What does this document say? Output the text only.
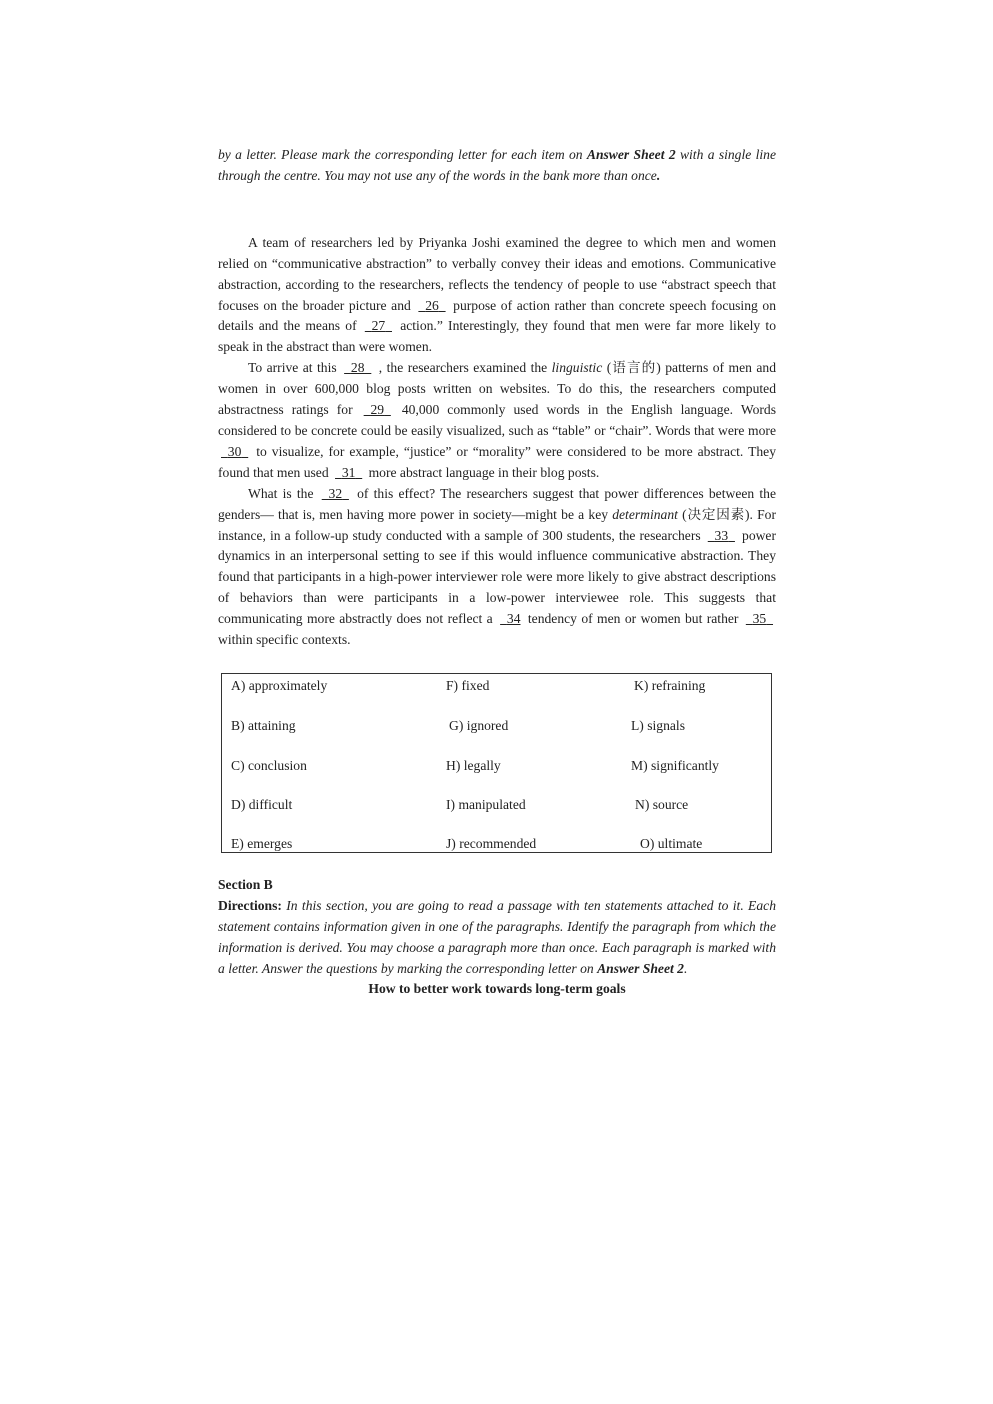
by a letter. Please mark the corresponding letter for each item on Answer Sheet 2 with a single line through the centre. You may not use any of the words in the bank more than once.

A team of researchers led by Priyanka Joshi examined the degree to which men and women relied on “communicative abstraction” to verbally convey their ideas and emotions. Communicative abstraction, according to the researchers, reflects the tendency of people to use “abstract speech that focuses on the broader picture and   26   purpose of action rather than concrete speech focusing on details and the means of   27   action.” Interestingly, they found that men were far more likely to speak in the abstract than were women.

To arrive at this   28   , the researchers examined the linguistic (语言的) patterns of men and women in over 600,000 blog posts written on websites. To do this, the researchers computed abstractness ratings for   29   40,000 commonly used words in the English language. Words considered to be concrete could be easily visualized, such as “table” or “chair”. Words that were more   30   to visualize, for example, “justice” or “morality” were considered to be more abstract. They found that men used   31   more abstract language in their blog posts.

What is the   32   of this effect? The researchers suggest that power differences between the genders— that is, men having more power in society—might be a key determinant (决定因素). For instance, in a follow-up study conducted with a sample of 300 students, the researchers   33   power dynamics in an interpersonal setting to see if this would influence communicative abstraction. They found that participants in a high-power interviewer role were more likely to give abstract descriptions of behaviors than were participants in a low-power interviewee role. This suggests that communicating more abstractly does not reflect a   34 tendency of men or women but rather   35   within specific contexts.

A) approximately	F) fixed	K) refraining
B) attaining	G) ignored	L) signals
C) conclusion	H) legally	M) significantly
D) difficult	I) manipulated	N) source
E) emerges	J) recommended	O) ultimate

Section B

Directions: In this section, you are going to read a passage with ten statements attached to it. Each statement contains information given in one of the paragraphs. Identify the paragraph from which the information is derived. You may choose a paragraph more than once. Each paragraph is marked with a letter. Answer the questions by marking the corresponding letter on Answer Sheet 2.

How to better work towards long-term goals
